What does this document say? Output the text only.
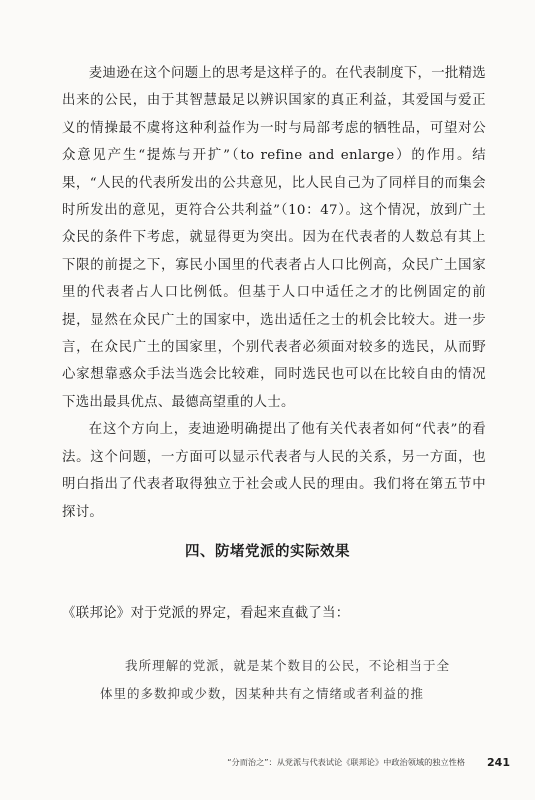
麦迪逊在这个问题上的思考是这样子的。在代表制度下，一批精选出来的公民，由于其智慧最足以辨识国家的真正利益，其爱国与爱正义的情操最不虞将这种利益作为一时与局部考虑的牺牲品，可望对公众意见产生“提炼与开扩”（to refine and enlarge）的作用。结果，“人民的代表所发出的公共意见，比人民自己为了同样目的而集会时所发出的意见，更符合公共利益”（10：47）。这个情况，放到广土众民的条件下考虑，就显得更为突出。因为在代表者的人数总有其上下限的前提之下，寡民小国里的代表者占人口比例高，众民广土国家里的代表者占人口比例低。但基于人口中适任之才的比例固定的前提，显然在众民广土的国家中，选出适任之士的机会比较大。进一步言，在众民广土的国家里，个别代表者必须面对较多的选民，从而野心家想靠惑众手法当选会比较难，同时选民也可以在比较自由的情况下选出最具优点、最德高望重的人士。

在这个方向上，麦迪逊明确提出了他有关代表者如何“代表”的看法。这个问题，一方面可以显示代表者与人民的关系，另一方面，也明白指出了代表者取得独立于社会或人民的理由。我们将在第五节中探讨。

四、防堵党派的实际效果
《联邦论》对于党派的界定，看起来直截了当：
我所理解的党派，就是某个数目的公民，不论相当于全体里的多数抑或少数，因某种共有之情绪或者利益的推
“分而治之”：从党派与代表试论《联邦论》中政治领域的独立性格 241
